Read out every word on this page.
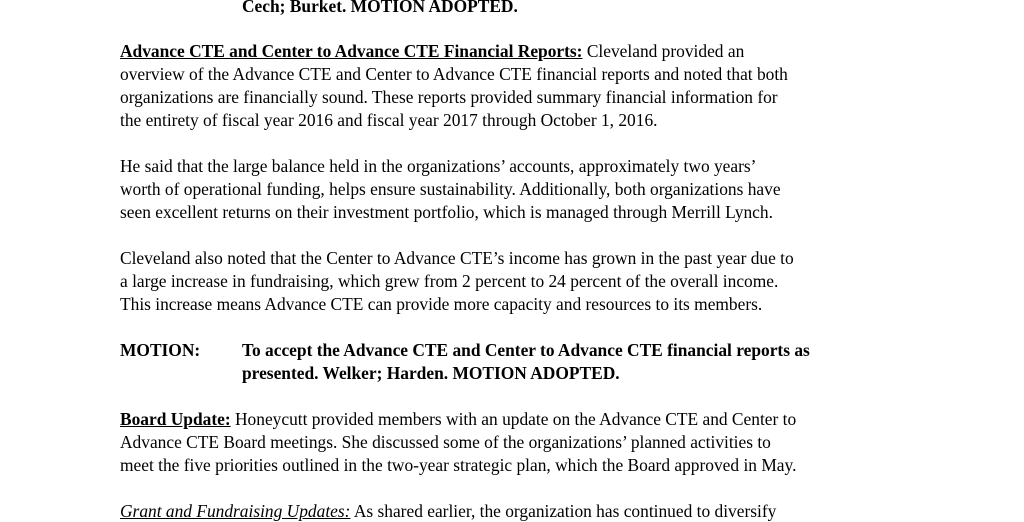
Cech; Burket. MOTION ADOPTED.
Advance CTE and Center to Advance CTE Financial Reports: Cleveland provided an
overview of the Advance CTE and Center to Advance CTE financial reports and noted that both
organizations are financially sound. These reports provided summary financial information for
the entirety of fiscal year 2016 and fiscal year 2017 through October 1, 2016.
He said that the large balance held in the organizations’ accounts, approximately two years’
worth of operational funding, helps ensure sustainability. Additionally, both organizations have
seen excellent returns on their investment portfolio, which is managed through Merrill Lynch.
Cleveland also noted that the Center to Advance CTE’s income has grown in the past year due to
a large increase in fundraising, which grew from 2 percent to 24 percent of the overall income.
This increase means Advance CTE can provide more capacity and resources to its members.
MOTION: To accept the Advance CTE and Center to Advance CTE financial reports as
presented. Welker; Harden. MOTION ADOPTED.
Board Update: Honeycutt provided members with an update on the Advance CTE and Center to
Advance CTE Board meetings. She discussed some of the organizations’ planned activities to
meet the five priorities outlined in the two-year strategic plan, which the Board approved in May.
Grant and Fundraising Updates: As shared earlier, the organization has continued to diversify
